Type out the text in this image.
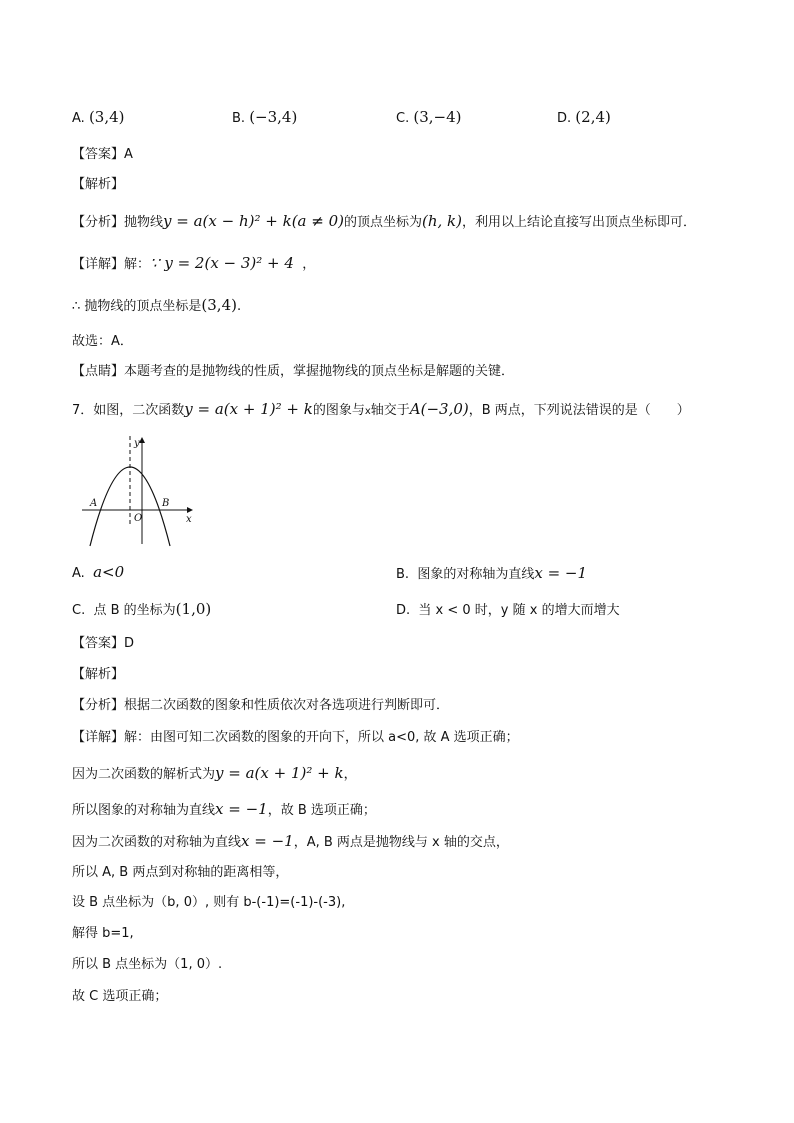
A. (3,4)	B. (−3,4)	C. (3,−4)	D. (2,4)
【答案】A
【解析】
【分析】抛物线y = a(x − h)² + k(a ≠ 0)的顶点坐标为(h, k)，利用以上结论直接写出顶点坐标即可．
【详解】解：∵ y = 2(x − 3)² + 4 ，
∴ 抛物线的顶点坐标是(3,4).
故选：A．
【点睛】本题考查的是抛物线的性质，掌握抛物线的顶点坐标是解题的关键．
7．如图，二次函数y = a(x + 1)² + k的图象与x轴交于A(−3,0)，B 两点，下列说法错误的是（　　）
y
x
A	B
O
A. a<0	B. 图象的对称轴为直线x = −1
C. 点 B 的坐标为(1,0)	D. 当 x < 0 时，y 随 x 的增大而增大
【答案】D
【解析】
【分析】根据二次函数的图象和性质依次对各选项进行判断即可．
【详解】解：由图可知二次函数的图象的开向下，所以 a<0, 故 A 选项正确；
因为二次函数的解析式为y = a(x + 1)² + k，
所以图象的对称轴为直线x = −1，故 B 选项正确；
因为二次函数的对称轴为直线x = −1，A, B 两点是抛物线与 x 轴的交点，
所以 A, B 两点到对称轴的距离相等，
设 B 点坐标为（b, 0）, 则有 b-(-1)=(-1)-(-3),
解得 b=1,
所以 B 点坐标为（1, 0）.
故 C 选项正确；
